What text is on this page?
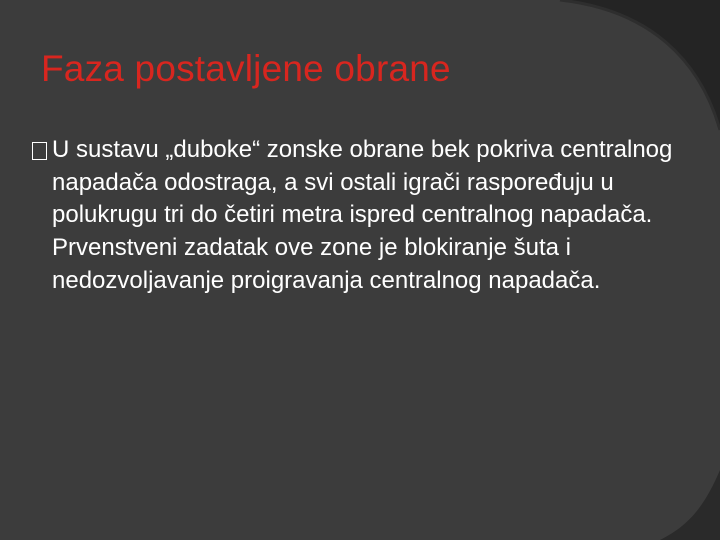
Faza postavljene obrane
U sustavu „duboke“ zonske obrane bek pokriva centralnog napadača odostraga, a svi ostali igrači raspoređuju u polukrugu tri do četiri metra ispred centralnog napadača. Prvenstveni zadatak ove zone je blokiranje šuta i nedozvoljavanje proigravanja centralnog napadača.
